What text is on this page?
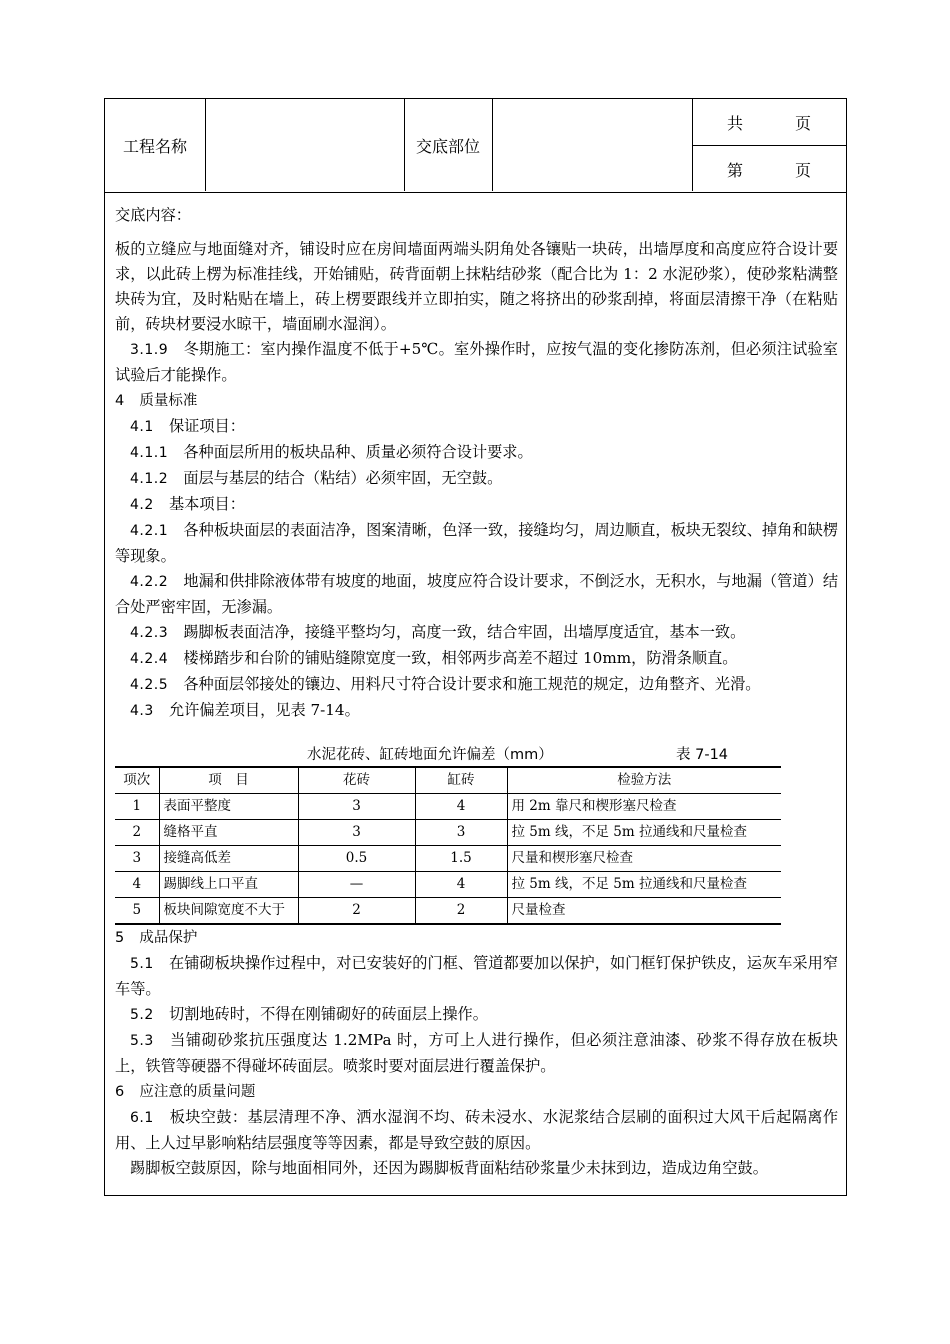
工程名称	交底部位
共	页
第	页

交底内容：

板的立缝应与地面缝对齐，铺设时应在房间墙面两端头阴角处各镶贴一块砖，出墙厚度和高度应符合设计要求，以此砖上楞为标准挂线，开始铺贴，砖背面朝上抹粘结砂浆（配合比为 1：2 水泥砂浆），使砂浆粘满整块砖为宜，及时粘贴在墙上，砖上楞要跟线并立即拍实，随之将挤出的砂浆刮掉，将面层清擦干净（在粘贴前，砖块材要浸水晾干，墙面刷水湿润）。

3.1.9　 冬期施工：室内操作温度不低于+5℃。室外操作时，应按气温的变化掺防冻剂，但必须注试验室试验后才能操作。

4　 质量标准

4.1　 保证项目：

4.1.1　 各种面层所用的板块品种、质量必须符合设计要求。

4.1.2　 面层与基层的结合（粘结）必须牢固，无空鼓。

4.2　 基本项目：

4.2.1　 各种板块面层的表面洁净，图案清晰，色泽一致，接缝均匀，周边顺直，板块无裂纹、掉角和缺楞等现象。

4.2.2　 地漏和供排除液体带有坡度的地面，坡度应符合设计要求，不倒泛水，无积水，与地漏（管道）结合处严密牢固，无渗漏。

4.2.3　 踢脚板表面洁净，接缝平整均匀，高度一致，结合牢固，出墙厚度适宜，基本一致。

4.2.4　 楼梯踏步和台阶的铺贴缝隙宽度一致，相邻两步高差不超过 10mm，防滑条顺直。

4.2.5　 各种面层邻接处的镶边、用料尺寸符合设计要求和施工规范的规定，边角整齐、光滑。

4.3　 允许偏差项目，见表 7-14。

水泥花砖、缸砖地面允许偏差（mm）	表 7-14
项次	项　目	花砖	缸砖	检验方法
1	表面平整度	3	4	用 2m 靠尺和楔形塞尺检查
2	缝格平直	3	3	拉 5m 线，不足 5m 拉通线和尺量检查
3	接缝高低差	0.5	1.5	尺量和楔形塞尺检查
4	踢脚线上口平直	—	4	拉 5m 线，不足 5m 拉通线和尺量检查
5	板块间隙宽度不大于	2	2	尺量检查

5　 成品保护

5.1　 在铺砌板块操作过程中，对已安装好的门框、管道都要加以保护，如门框钉保护铁皮，运灰车采用窄车等。

5.2　 切割地砖时，不得在刚铺砌好的砖面层上操作。

5.3　 当铺砌砂浆抗压强度达 1.2MPa 时，方可上人进行操作，但必须注意油漆、砂浆不得存放在板块上，铁管等硬器不得碰坏砖面层。喷浆时要对面层进行覆盖保护。

6　 应注意的质量问题

6.1　 板块空鼓：基层清理不净、洒水湿润不均、砖未浸水、水泥浆结合层刷的面积过大风干后起隔离作用、上人过早影响粘结层强度等等因素，都是导致空鼓的原因。

踢脚板空鼓原因，除与地面相同外，还因为踢脚板背面粘结砂浆量少未抹到边，造成边角空鼓。
